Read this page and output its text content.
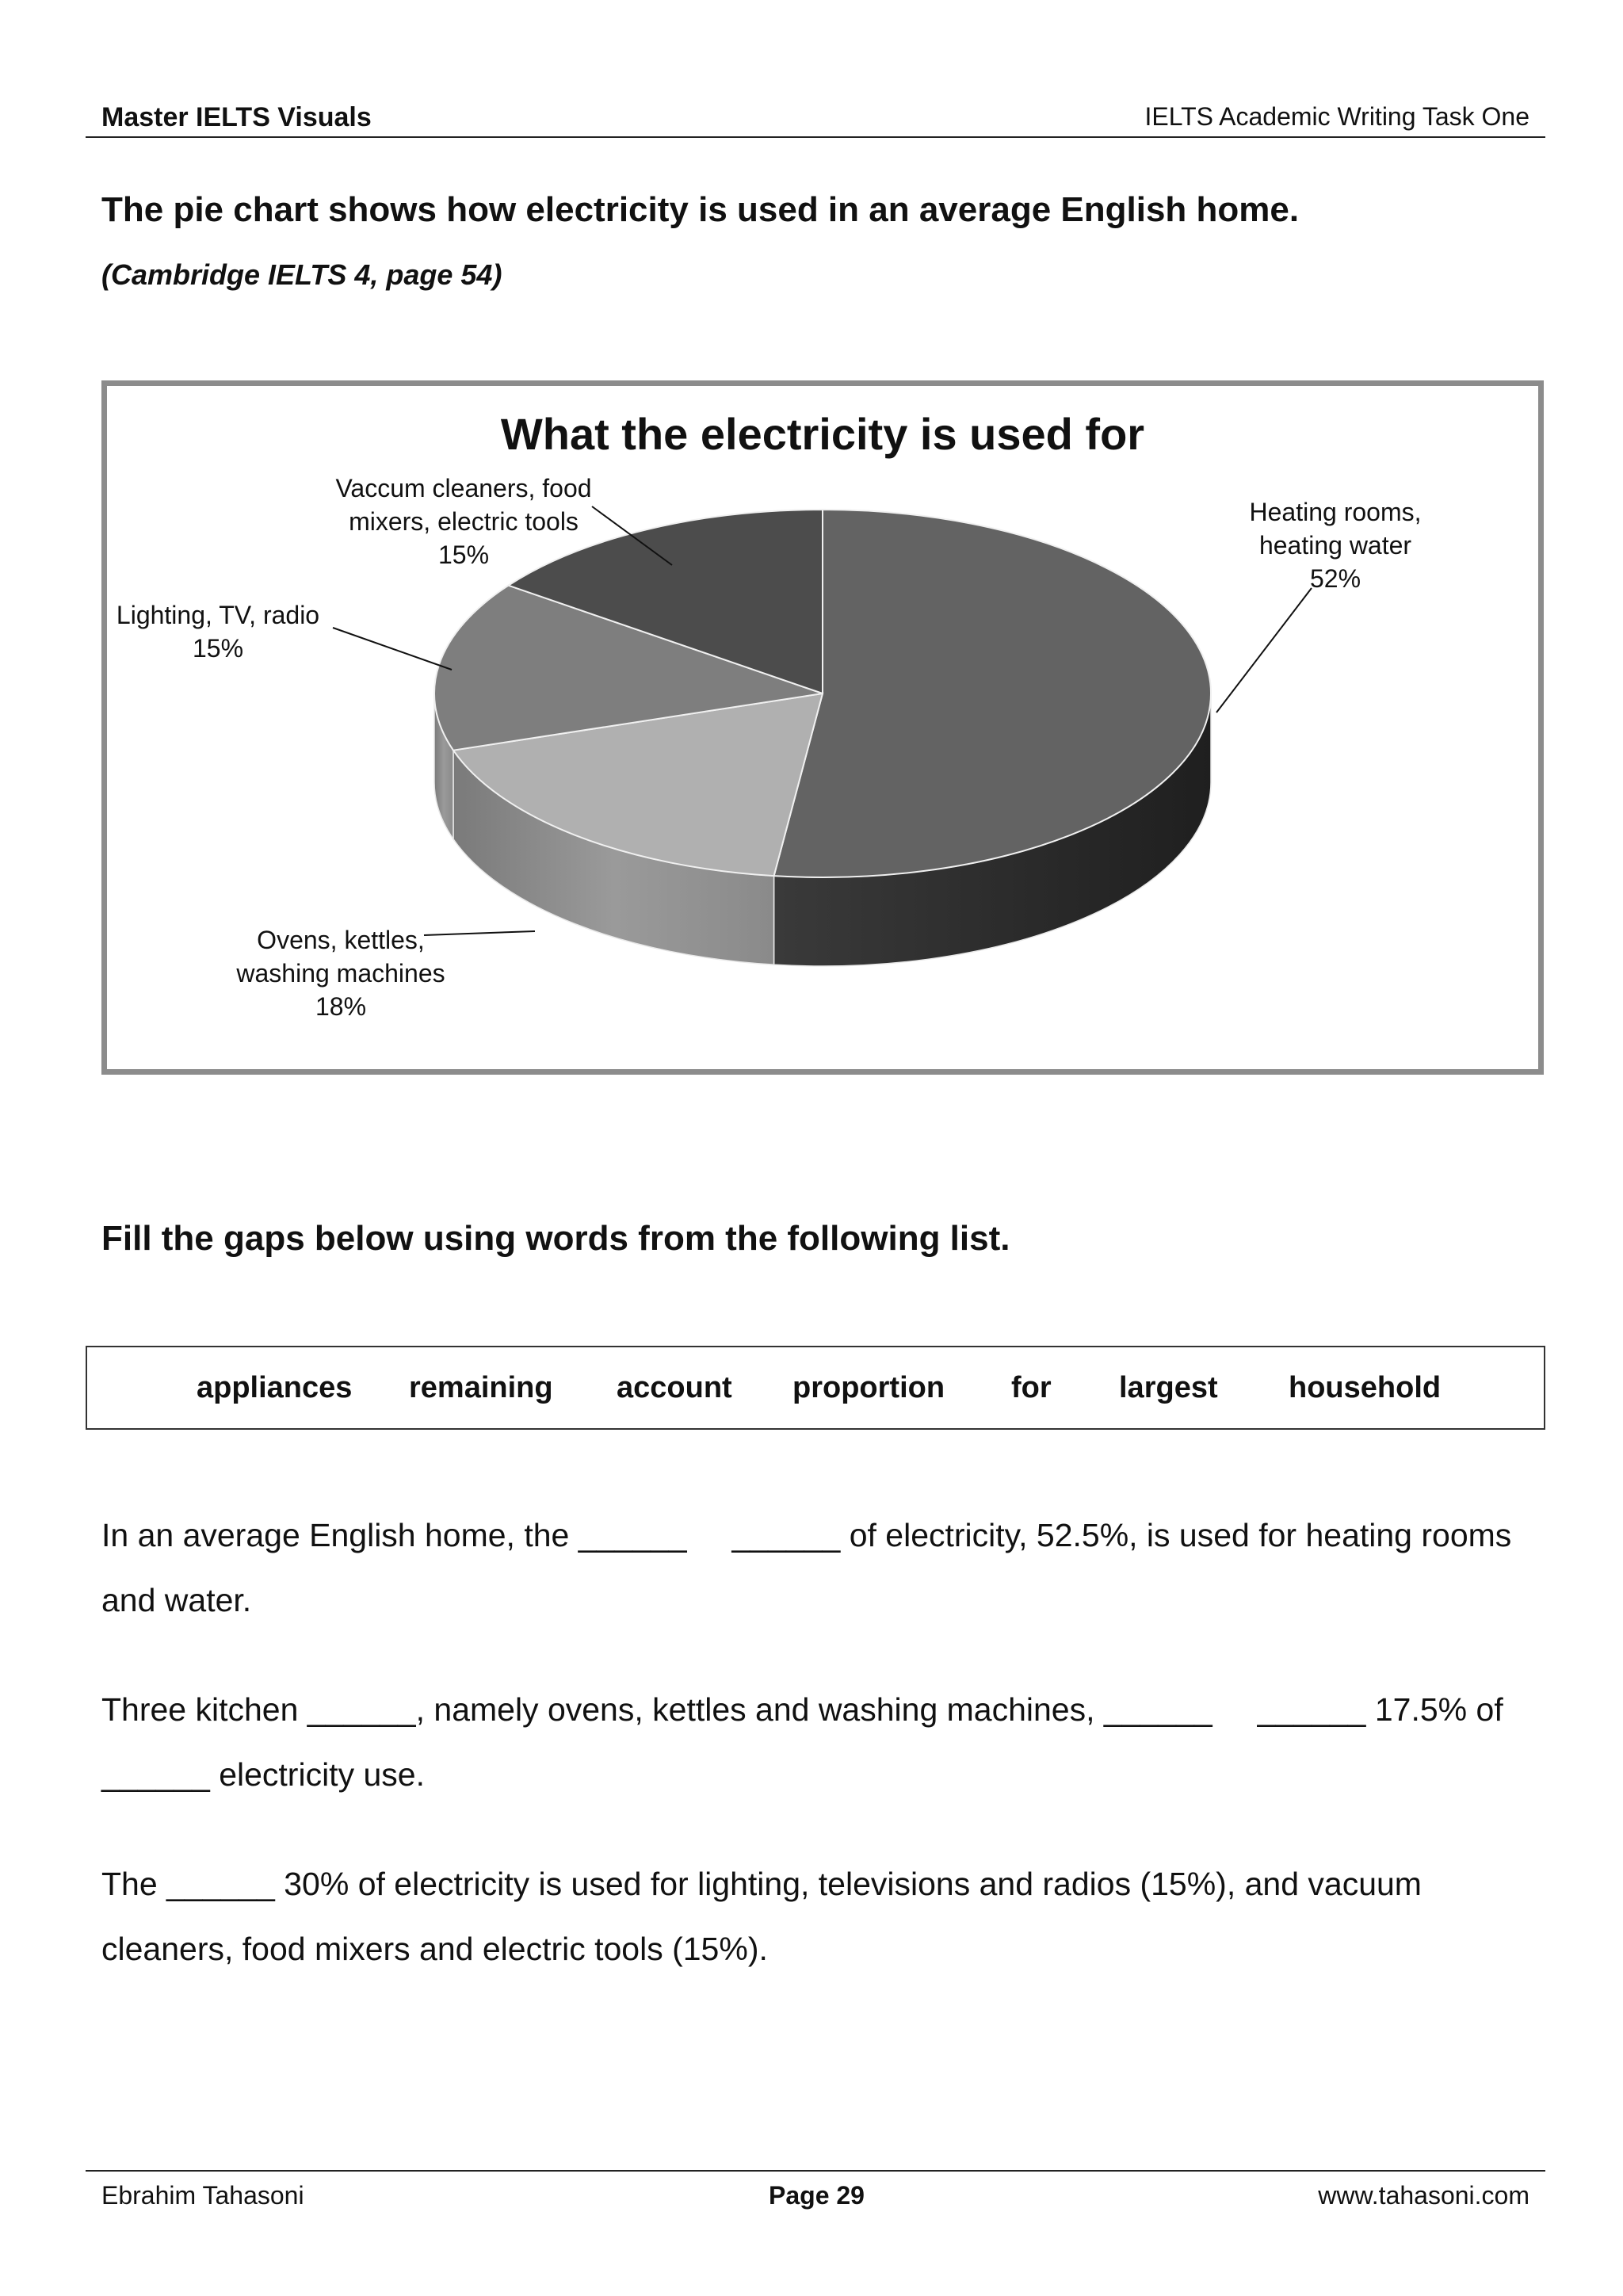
Master IELTS Visuals	IELTS Academic Writing Task One
The pie chart shows how electricity is used in an average English home.
(Cambridge IELTS 4, page 54)
What the electricity is used for
Heating rooms, heating water 52%
Ovens, kettles, washing machines 18%
Lighting, TV, radio 15%
Vaccum cleaners, food mixers, electric tools 15%
Fill the gaps below using words from the following list.
appliances remaining account proportion for largest household
In an average English home, the ______     ______ of electricity, 52.5%, is used for heating rooms
and water.
Three kitchen ______, namely ovens, kettles and washing machines, ______     ______ 17.5% of
______ electricity use.
The ______ 30% of electricity is used for lighting, televisions and radios (15%), and vacuum
cleaners, food mixers and electric tools (15%).
Ebrahim Tahasoni	Page 29	www.tahasoni.com
